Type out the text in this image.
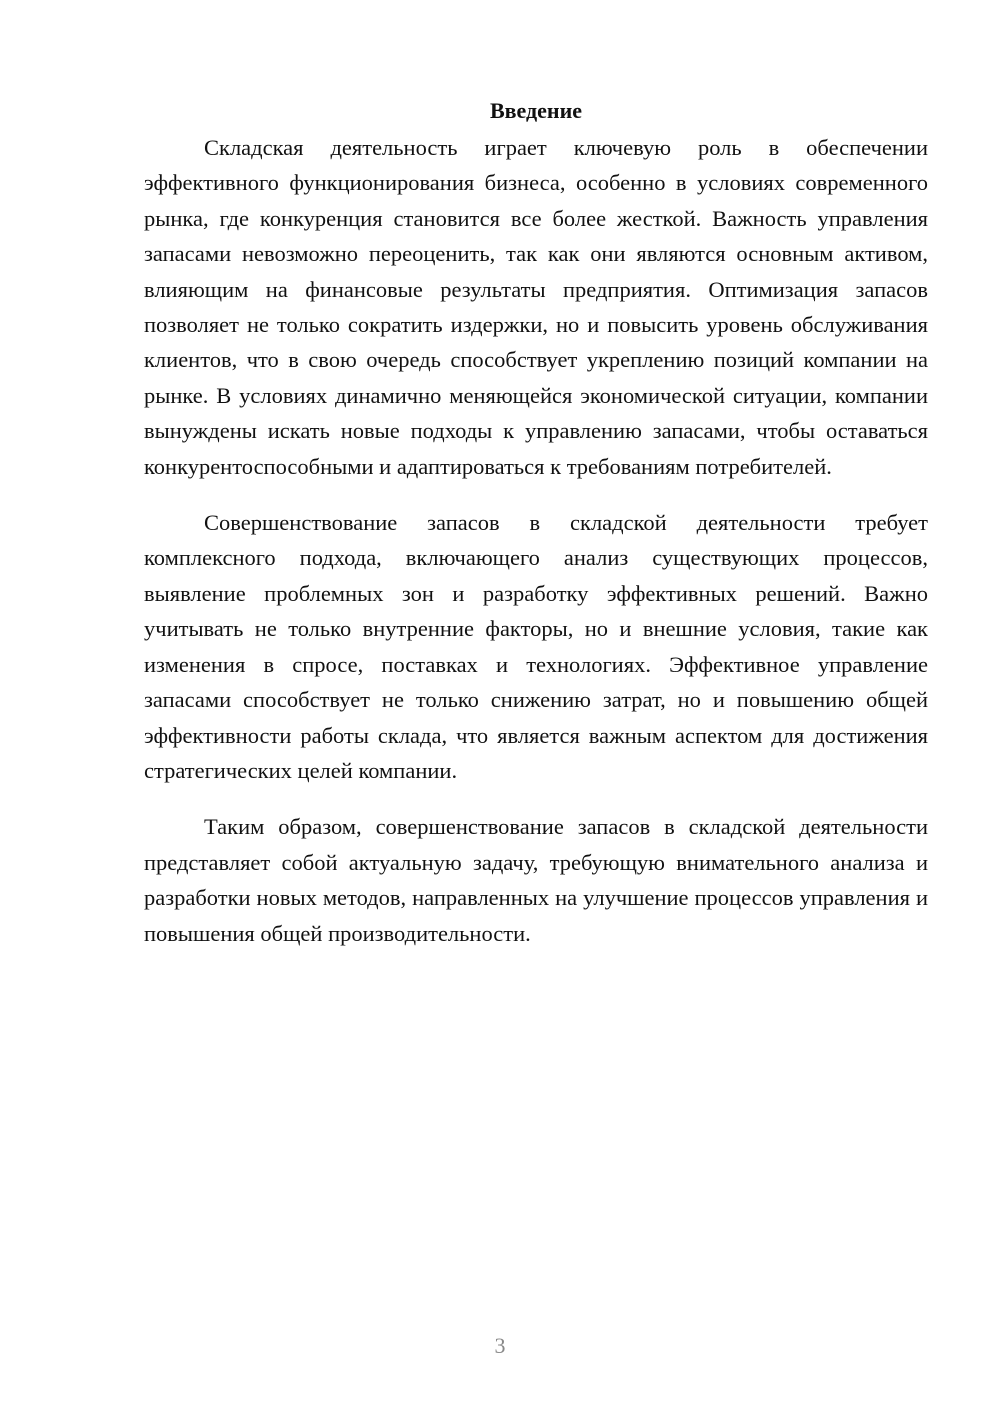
Введение

Складская деятельность играет ключевую роль в обеспечении эффективного функционирования бизнеса, особенно в условиях современного рынка, где конкуренция становится все более жесткой. Важность управления запасами невозможно переоценить, так как они являются основным активом, влияющим на финансовые результаты предприятия. Оптимизация запасов позволяет не только сократить издержки, но и повысить уровень обслуживания клиентов, что в свою очередь способствует укреплению позиций компании на рынке. В условиях динамично меняющейся экономической ситуации, компании вынуждены искать новые подходы к управлению запасами, чтобы оставаться конкурентоспособными и адаптироваться к требованиям потребителей.

Совершенствование запасов в складской деятельности требует комплексного подхода, включающего анализ существующих процессов, выявление проблемных зон и разработку эффективных решений. Важно учитывать не только внутренние факторы, но и внешние условия, такие как изменения в спросе, поставках и технологиях. Эффективное управление запасами способствует не только снижению затрат, но и повышению общей эффективности работы склада, что является важным аспектом для достижения стратегических целей компании.

Таким образом, совершенствование запасов в складской деятельности представляет собой актуальную задачу, требующую внимательного анализа и разработки новых методов, направленных на улучшение процессов управления и повышения общей производительности.

3
